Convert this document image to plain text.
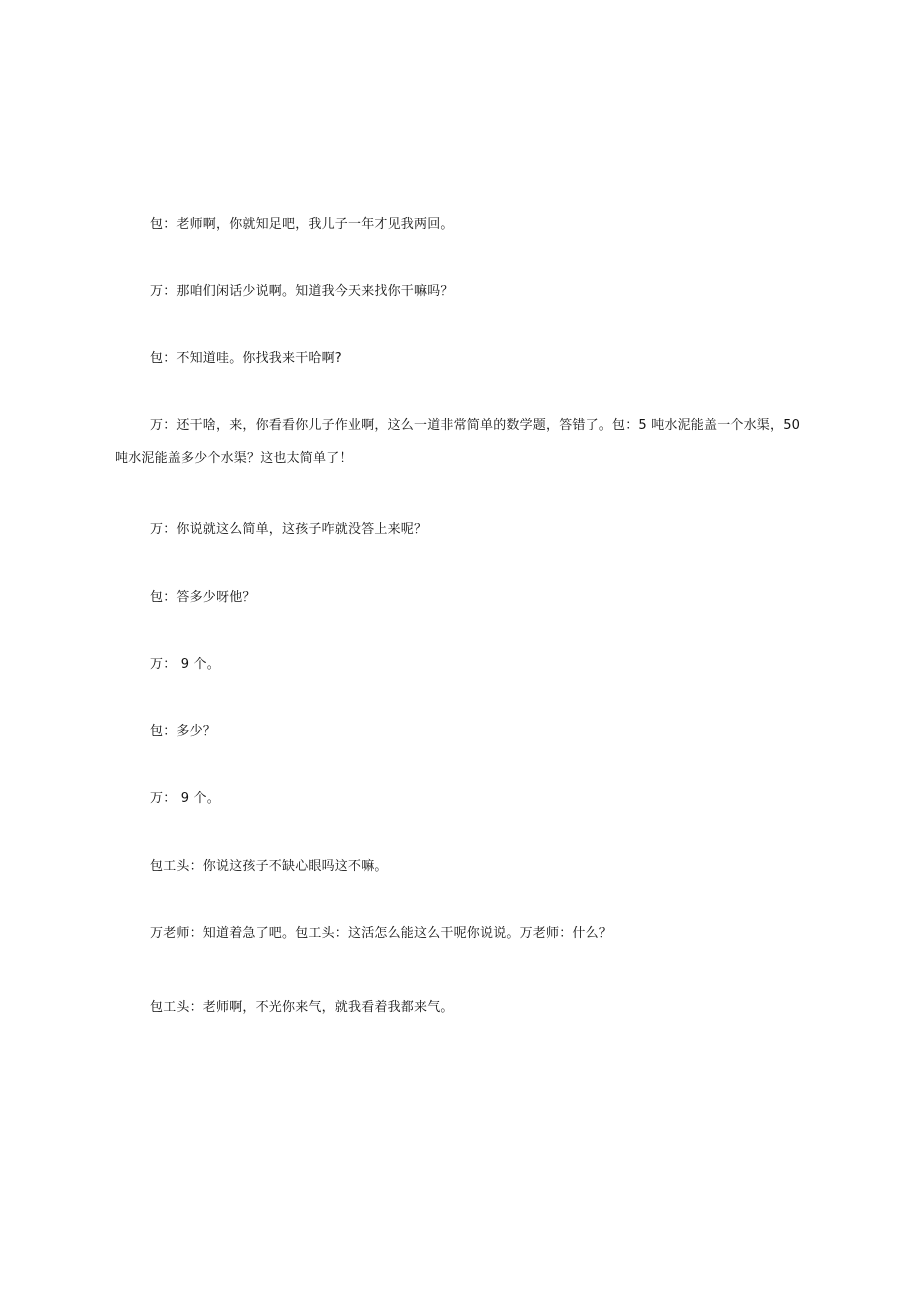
包：老师啊，你就知足吧，我儿子一年才见我两回。
万：那咱们闲话少说啊。知道我今天来找你干嘛吗？
包：不知道哇。你找我来干哈啊?
万：还干啥，来，你看看你儿子作业啊，这么一道非常简单的数学题，答错了。包：5 吨水泥能盖一个水渠，50 吨水泥能盖多少个水渠？这也太简单了！
万：你说就这么简单，这孩子咋就没答上来呢？
包：答多少呀他？
万： 9 个。
包：多少？
万： 9 个。
包工头：你说这孩子不缺心眼吗这不嘛。
万老师：知道着急了吧。包工头：这活怎么能这么干呢你说说。万老师：什么？
包工头：老师啊，不光你来气，就我看着我都来气。
